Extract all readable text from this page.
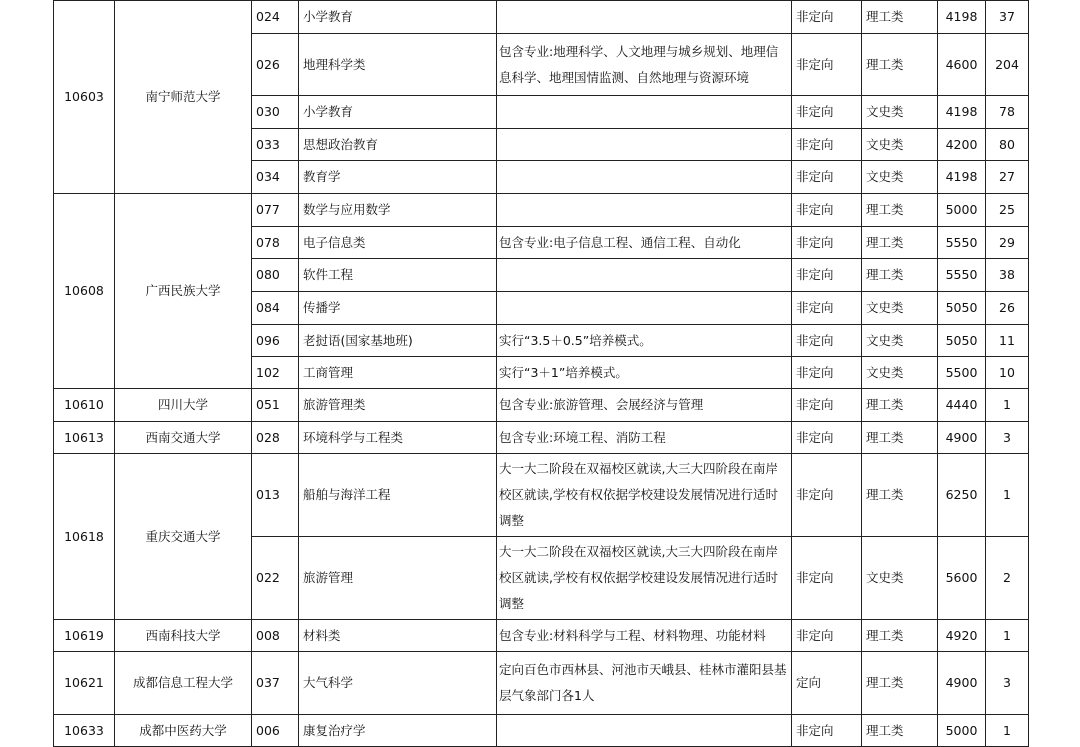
10603	南宁师范大学	024	小学教育		非定向	理工类	4198	37
		026	地理科学类	包含专业:地理科学、人文地理与城乡规划、地理信息科学、地理国情监测、自然地理与资源环境	非定向	理工类	4600	204
		030	小学教育		非定向	文史类	4198	78
		033	思想政治教育		非定向	文史类	4200	80
		034	教育学		非定向	文史类	4198	27
10608	广西民族大学	077	数学与应用数学		非定向	理工类	5000	25
		078	电子信息类	包含专业:电子信息工程、通信工程、自动化	非定向	理工类	5550	29
		080	软件工程		非定向	理工类	5550	38
		084	传播学		非定向	文史类	5050	26
		096	老挝语(国家基地班)	实行“3.5＋0.5”培养模式。	非定向	文史类	5050	11
		102	工商管理	实行“3＋1”培养模式。	非定向	文史类	5500	10
10610	四川大学	051	旅游管理类	包含专业:旅游管理、会展经济与管理	非定向	理工类	4440	1
10613	西南交通大学	028	环境科学与工程类	包含专业:环境工程、消防工程	非定向	理工类	4900	3
10618	重庆交通大学	013	船舶与海洋工程	大一大二阶段在双福校区就读,大三大四阶段在南岸校区就读,学校有权依据学校建设发展情况进行适时调整	非定向	理工类	6250	1
		022	旅游管理	大一大二阶段在双福校区就读,大三大四阶段在南岸校区就读,学校有权依据学校建设发展情况进行适时调整	非定向	文史类	5600	2
10619	西南科技大学	008	材料类	包含专业:材料科学与工程、材料物理、功能材料	非定向	理工类	4920	1
10621	成都信息工程大学	037	大气科学	定向百色市西林县、河池市天峨县、桂林市灌阳县基层气象部门各1人	定向	理工类	4900	3
10633	成都中医药大学	006	康复治疗学		非定向	理工类	5000	1
